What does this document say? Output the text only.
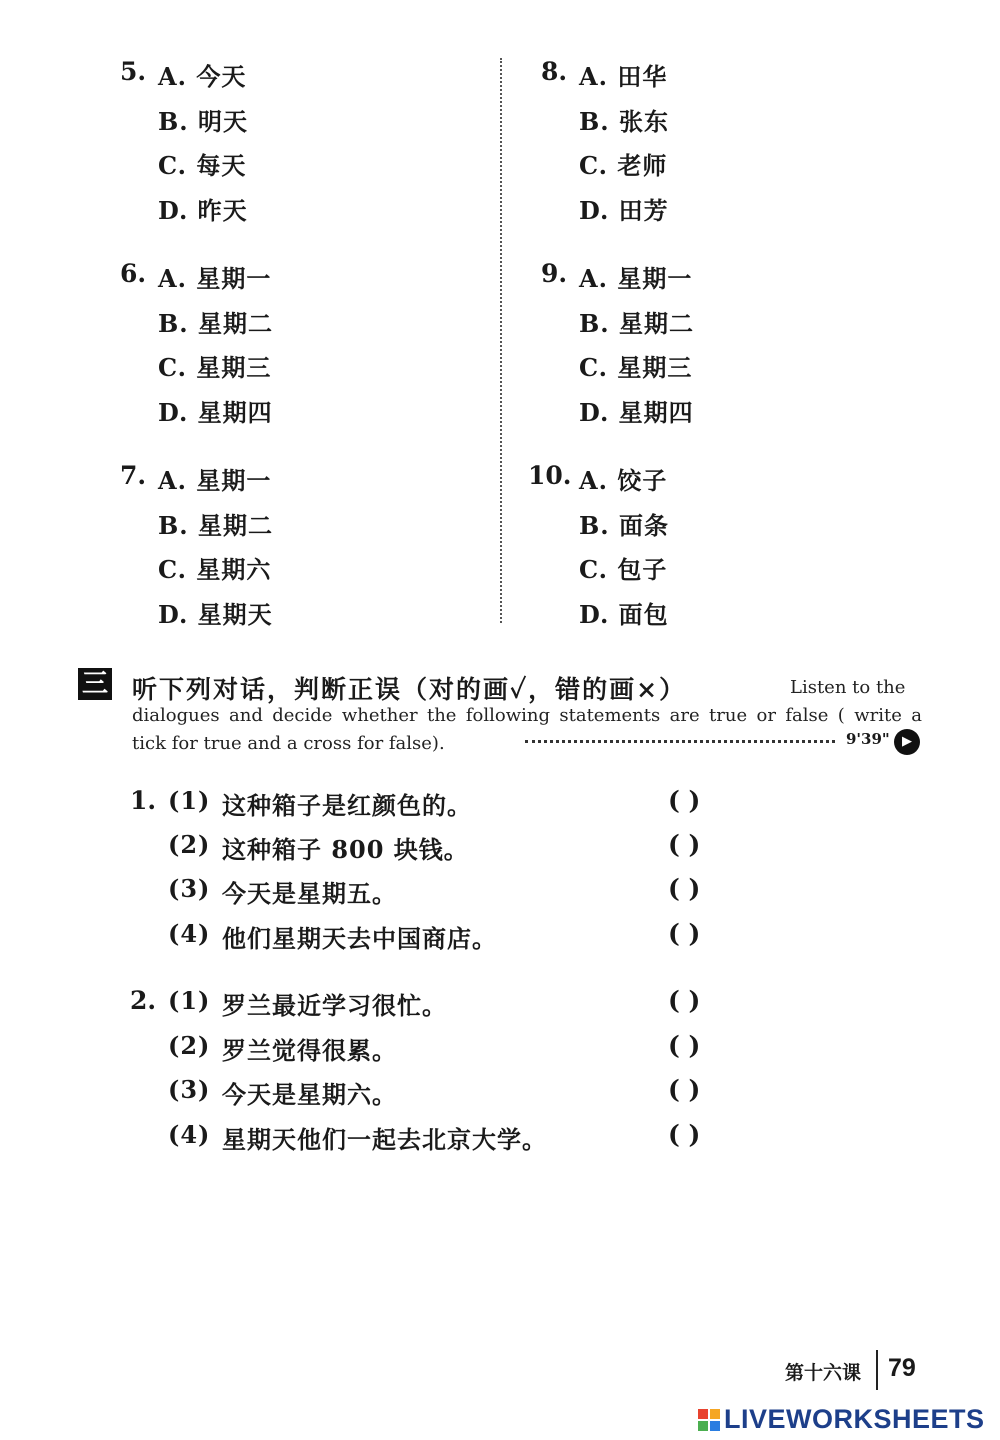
5. A. 今天
B. 明天
C. 每天
D. 昨天
6. A. 星期一
B. 星期二
C. 星期三
D. 星期四
7. A. 星期一
B. 星期二
C. 星期六
D. 星期天
8. A. 田华
B. 张东
C. 老师
D. 田芳
9. A. 星期一
B. 星期二
C. 星期三
D. 星期四
10. A. 饺子
B. 面条
C. 包子
D. 面包
三 听下列对话，判断正误（对的画✓，错的画×）	Listen to the
dialogues and decide whether the following statements are true or false ( write a
tick for true and a cross for false).	9'39" ▶
1. (1) 这种箱子是红颜色的。	( )
(2) 这种箱子 800 块钱。	( )
(3) 今天是星期五。	( )
(4) 他们星期天去中国商店。	( )
2. (1) 罗兰最近学习很忙。	( )
(2) 罗兰觉得很累。	( )
(3) 今天是星期六。	( )
(4) 星期天他们一起去北京大学。	( )
第十六课 79
LIVEWORKSHEETS
